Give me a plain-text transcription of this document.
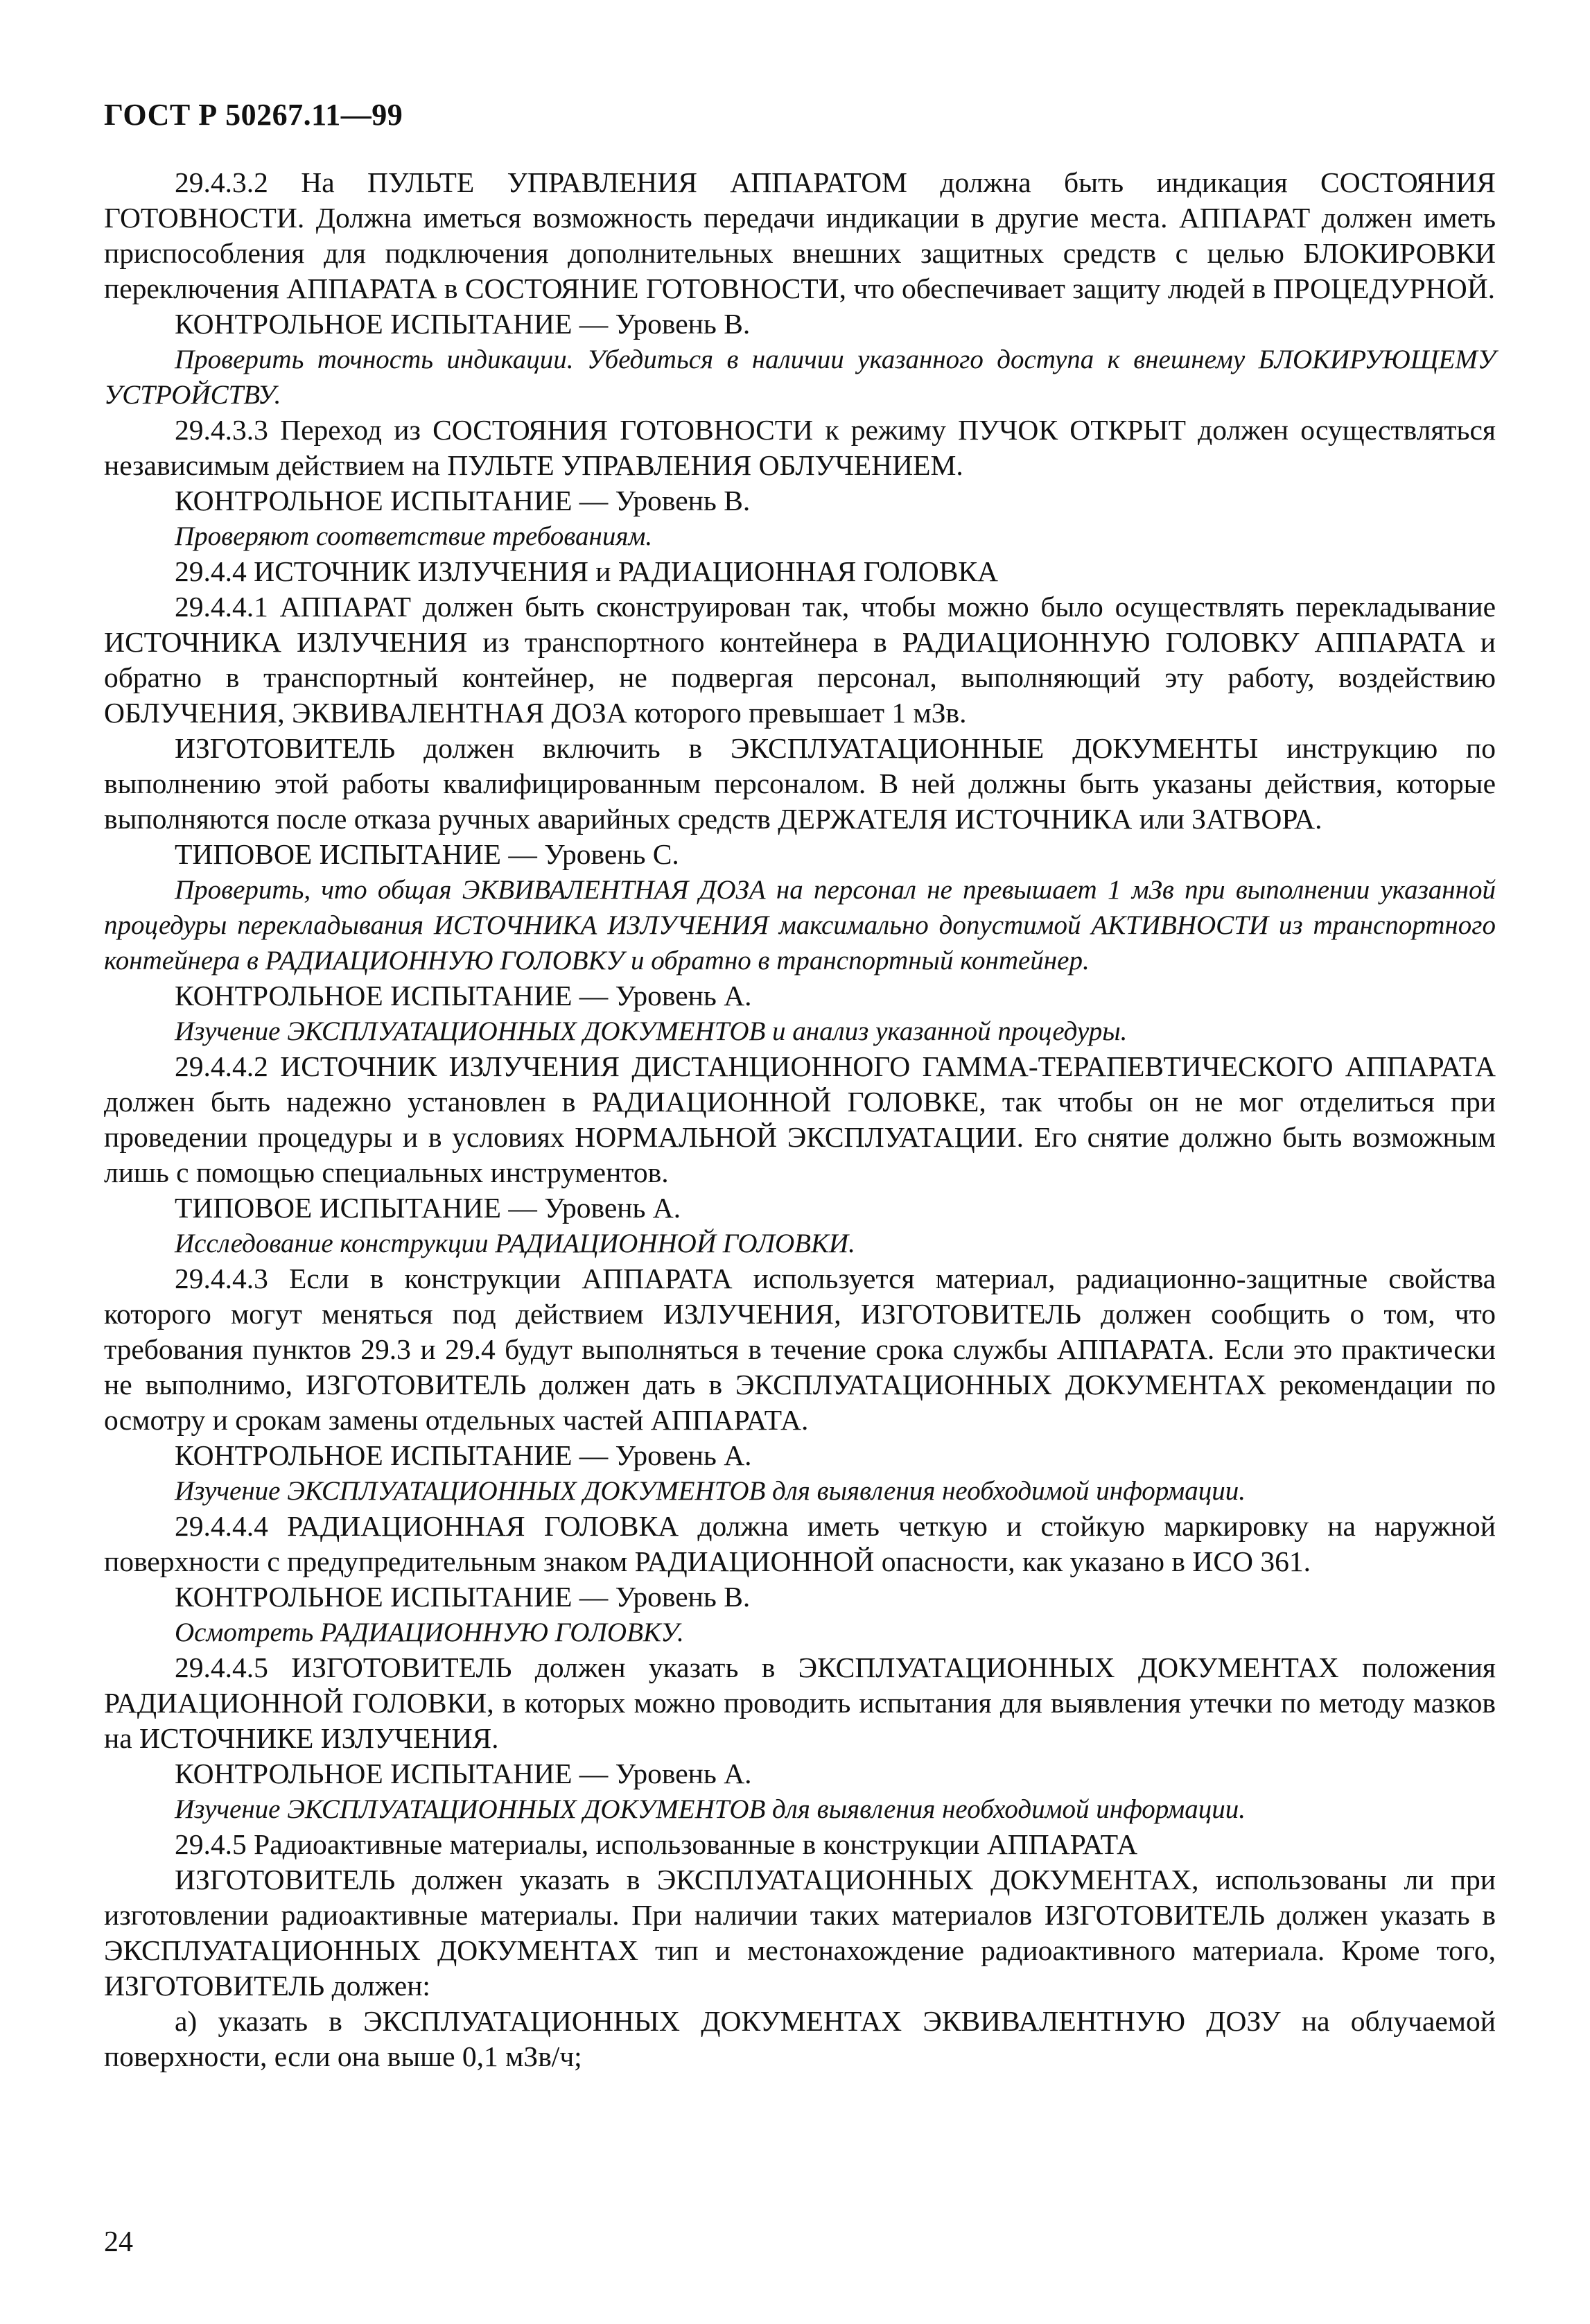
ГОСТ Р 50267.11—99

29.4.3.2 На ПУЛЬТЕ УПРАВЛЕНИЯ АППАРАТОМ должна быть индикация СОСТОЯНИЯ ГОТОВНОСТИ. Должна иметься возможность передачи индикации в другие места. АППАРАТ должен иметь приспособления для подключения дополнительных внешних защитных средств с целью БЛОКИРОВКИ переключения АППАРАТА в СОСТОЯНИЕ ГОТОВНОСТИ, что обеспечивает защиту людей в ПРОЦЕДУРНОЙ.

КОНТРОЛЬНОЕ ИСПЫТАНИЕ — Уровень В.

Проверить точность индикации. Убедиться в наличии указанного доступа к внешнему БЛОКИРУЮЩЕМУ УСТРОЙСТВУ.

29.4.3.3 Переход из СОСТОЯНИЯ ГОТОВНОСТИ к режиму ПУЧОК ОТКРЫТ должен осуществляться независимым действием на ПУЛЬТЕ УПРАВЛЕНИЯ ОБЛУЧЕНИЕМ.

КОНТРОЛЬНОЕ ИСПЫТАНИЕ — Уровень В.

Проверяют соответствие требованиям.

29.4.4 ИСТОЧНИК ИЗЛУЧЕНИЯ и РАДИАЦИОННАЯ ГОЛОВКА

29.4.4.1 АППАРАТ должен быть сконструирован так, чтобы можно было осуществлять перекладывание ИСТОЧНИКА ИЗЛУЧЕНИЯ из транспортного контейнера в РАДИАЦИОННУЮ ГОЛОВКУ АППАРАТА и обратно в транспортный контейнер, не подвергая персонал, выполняющий эту работу, воздействию ОБЛУЧЕНИЯ, ЭКВИВАЛЕНТНАЯ ДОЗА которого превышает 1 мЗв.

ИЗГОТОВИТЕЛЬ должен включить в ЭКСПЛУАТАЦИОННЫЕ ДОКУМЕНТЫ инструкцию по выполнению этой работы квалифицированным персоналом. В ней должны быть указаны действия, которые выполняются после отказа ручных аварийных средств ДЕРЖАТЕЛЯ ИСТОЧНИКА или ЗАТВОРА.

ТИПОВОЕ ИСПЫТАНИЕ — Уровень С.

Проверить, что общая ЭКВИВАЛЕНТНАЯ ДОЗА на персонал не превышает 1 мЗв при выполнении указанной процедуры перекладывания ИСТОЧНИКА ИЗЛУЧЕНИЯ максимально допустимой АКТИВНОСТИ из транспортного контейнера в РАДИАЦИОННУЮ ГОЛОВКУ и обратно в транспортный контейнер.

КОНТРОЛЬНОЕ ИСПЫТАНИЕ — Уровень А.

Изучение ЭКСПЛУАТАЦИОННЫХ ДОКУМЕНТОВ и анализ указанной процедуры.

29.4.4.2 ИСТОЧНИК ИЗЛУЧЕНИЯ ДИСТАНЦИОННОГО ГАММА-ТЕРАПЕВТИЧЕСКОГО АППАРАТА должен быть надежно установлен в РАДИАЦИОННОЙ ГОЛОВКЕ, так чтобы он не мог отделиться при проведении процедуры и в условиях НОРМАЛЬНОЙ ЭКСПЛУАТАЦИИ. Его снятие должно быть возможным лишь с помощью специальных инструментов.

ТИПОВОЕ ИСПЫТАНИЕ — Уровень А.

Исследование конструкции РАДИАЦИОННОЙ ГОЛОВКИ.

29.4.4.3 Если в конструкции АППАРАТА используется материал, радиационно-защитные свойства которого могут меняться под действием ИЗЛУЧЕНИЯ, ИЗГОТОВИТЕЛЬ должен сообщить о том, что требования пунктов 29.3 и 29.4 будут выполняться в течение срока службы АППАРАТА. Если это практически не выполнимо, ИЗГОТОВИТЕЛЬ должен дать в ЭКСПЛУАТАЦИОННЫХ ДОКУМЕНТАХ рекомендации по осмотру и срокам замены отдельных частей АППАРАТА.

КОНТРОЛЬНОЕ ИСПЫТАНИЕ — Уровень А.

Изучение ЭКСПЛУАТАЦИОННЫХ ДОКУМЕНТОВ для выявления необходимой информации.

29.4.4.4 РАДИАЦИОННАЯ ГОЛОВКА должна иметь четкую и стойкую маркировку на наружной поверхности с предупредительным знаком РАДИАЦИОННОЙ опасности, как указано в ИСО 361.

КОНТРОЛЬНОЕ ИСПЫТАНИЕ — Уровень В.

Осмотреть РАДИАЦИОННУЮ ГОЛОВКУ.

29.4.4.5 ИЗГОТОВИТЕЛЬ должен указать в ЭКСПЛУАТАЦИОННЫХ ДОКУМЕНТАХ положения РАДИАЦИОННОЙ ГОЛОВКИ, в которых можно проводить испытания для выявления утечки по методу мазков на ИСТОЧНИКЕ ИЗЛУЧЕНИЯ.

КОНТРОЛЬНОЕ ИСПЫТАНИЕ — Уровень А.

Изучение ЭКСПЛУАТАЦИОННЫХ ДОКУМЕНТОВ для выявления необходимой информации.

29.4.5 Радиоактивные материалы, использованные в конструкции АППАРАТА

ИЗГОТОВИТЕЛЬ должен указать в ЭКСПЛУАТАЦИОННЫХ ДОКУМЕНТАХ, использованы ли при изготовлении радиоактивные материалы. При наличии таких материалов ИЗГОТОВИТЕЛЬ должен указать в ЭКСПЛУАТАЦИОННЫХ ДОКУМЕНТАХ тип и местонахождение радиоактивного материала. Кроме того, ИЗГОТОВИТЕЛЬ должен:

а) указать в ЭКСПЛУАТАЦИОННЫХ ДОКУМЕНТАХ ЭКВИВАЛЕНТНУЮ ДОЗУ на облучаемой поверхности, если она выше 0,1 мЗв/ч;

24
